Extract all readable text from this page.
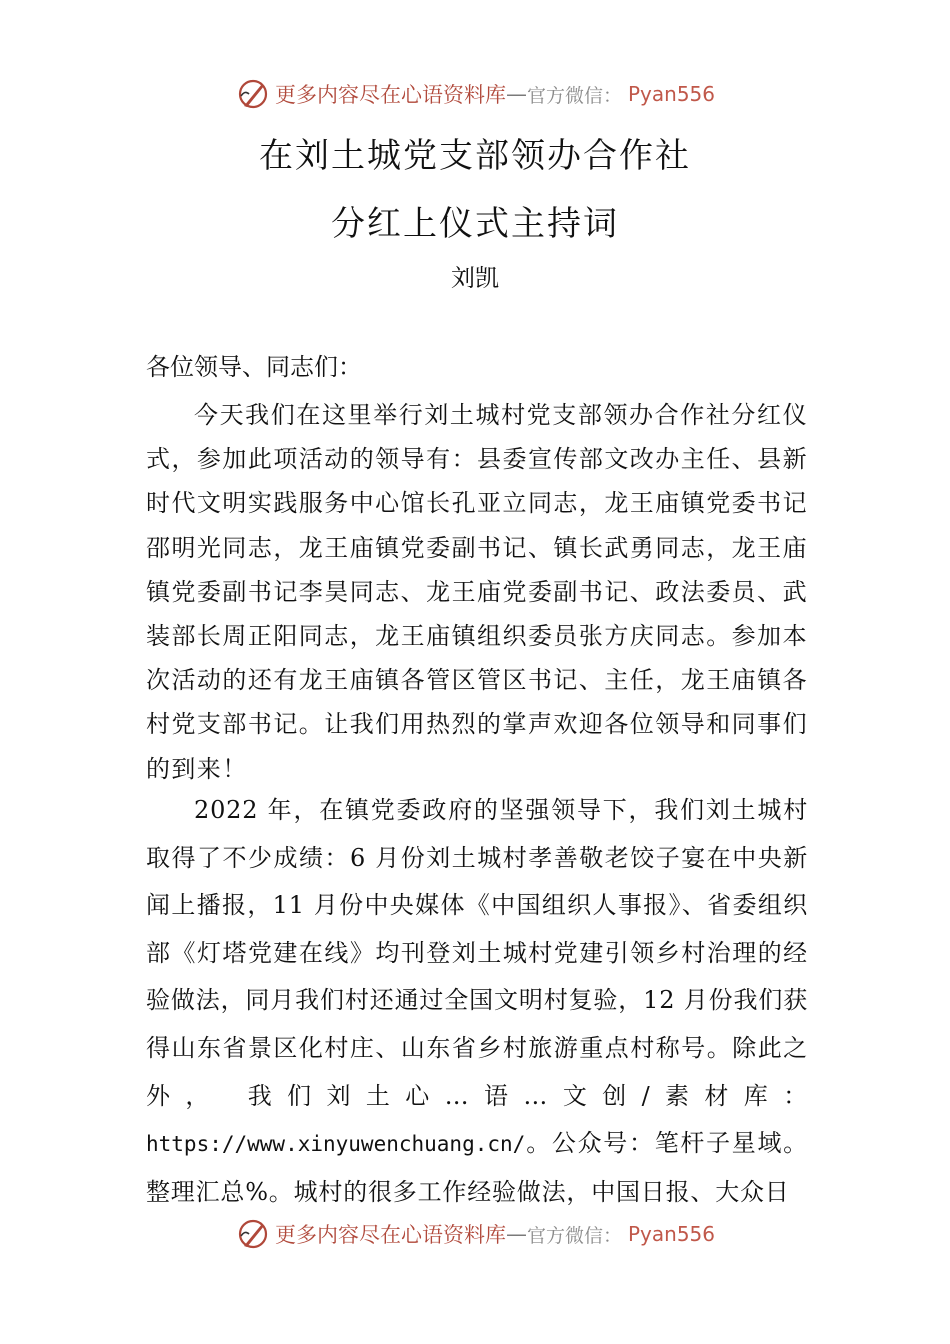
更多内容尽在心语资料库 — 官方微信： Pyan556
在刘土城党支部领办合作社
分红上仪式主持词
刘凯
各位领导、同志们：
今天我们在这里举行刘土城村党支部领办合作社分红仪式，参加此项活动的领导有：县委宣传部文改办主任、县新时代文明实践服务中心馆长孔亚立同志，龙王庙镇党委书记邵明光同志，龙王庙镇党委副书记、镇长武勇同志，龙王庙镇党委副书记李昊同志、龙王庙党委副书记、政法委员、武装部长周正阳同志，龙王庙镇组织委员张方庆同志。参加本次活动的还有龙王庙镇各管区管区书记、主任，龙王庙镇各村党支部书记。让我们用热烈的掌声欢迎各位领导和同事们的到来！
2022 年，在镇党委政府的坚强领导下，我们刘土城村取得了不少成绩：6 月份刘土城村孝善敬老饺子宴在中央新闻上播报，11 月份中央媒体《中国组织人事报》、省委组织部《灯塔党建在线》均刊登刘土城村党建引领乡村治理的经验做法，同月我们村还通过全国文明村复验，12 月份我们获得山东省景区化村庄、山东省乡村旅游重点村称号。除此之外， 我们刘土心…语…文创/素材库：https://www.xinyuwenchuang.cn/。公众号：笔杆子星域。整理汇总%。城村的很多工作经验做法，中国日报、大众日
更多内容尽在心语资料库 — 官方微信： Pyan556
